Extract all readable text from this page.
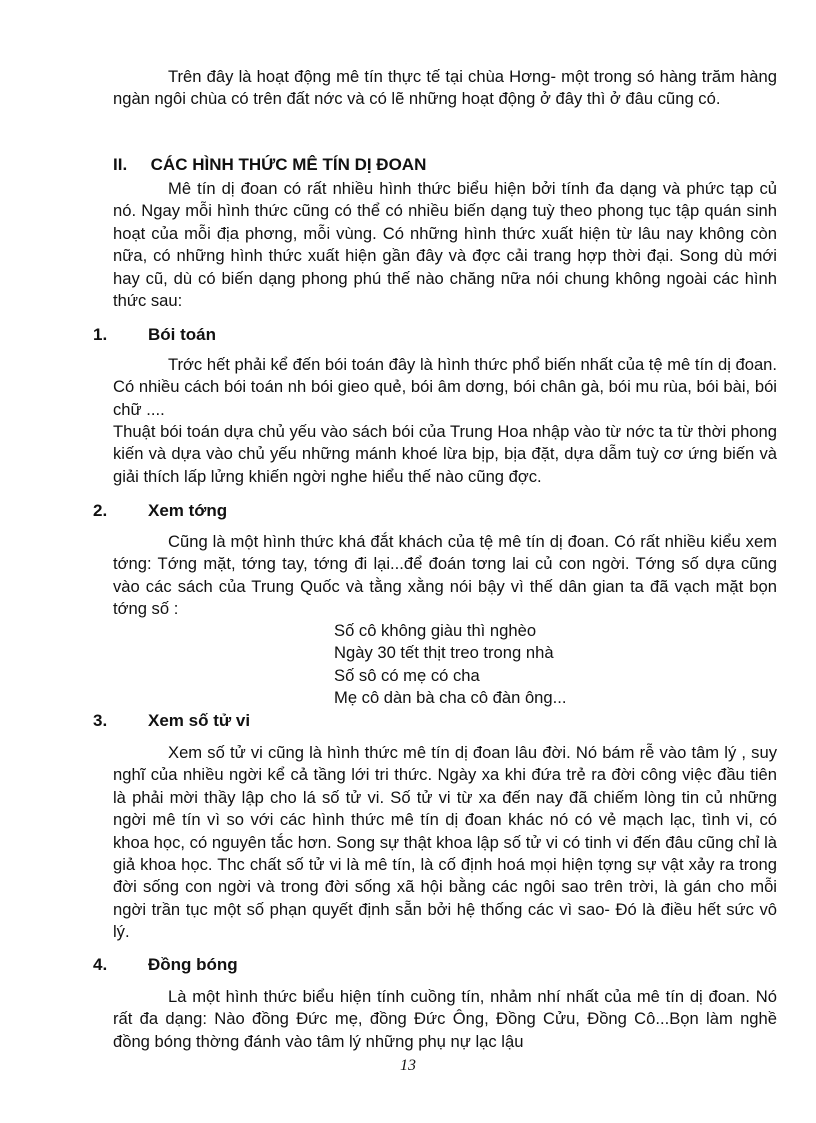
Trên đây là hoạt động mê tín thực tế tại chùa Hơng- một trong só hàng trăm hàng ngàn ngôi chùa có trên đất nớc và có lẽ những hoạt động ở đây thì ở đâu cũng có.

II. CÁC HÌNH THỨC MÊ TÍN DỊ ĐOAN

Mê tín dị đoan có rất nhiều hình thức biểu hiện bởi tính đa dạng và phức tạp củ nó. Ngay mỗi hình thức cũng có thể có nhiều biến dạng tuỳ theo phong tục tập quán sinh hoạt của mỗi địa phơng, mỗi vùng. Có những hình thức xuất hiện từ lâu nay không còn nữa, có những hình thức xuất hiện gần đây và đợc cải trang hợp thời đại. Song dù mới hay cũ, dù có biến dạng phong phú thế nào chăng nữa nói chung không ngoài các hình thức sau:

1. Bói toán

Trớc hết phải kể đến bói toán đây là hình thức phổ biến nhất của tệ mê tín dị đoan. Có nhiều cách bói toán nh bói gieo quẻ, bói âm dơng, bói chân gà, bói mu rùa, bói bài, bói chữ ....

Thuật bói toán dựa chủ yếu vào sách bói của Trung Hoa nhập vào từ nớc ta từ thời phong kiến và dựa vào chủ yếu những mánh khoé lừa bịp, bịa đặt, dựa dẫm tuỳ cơ ứng biến và giải thích lấp lửng khiến ngời nghe hiểu thế nào cũng đợc.

2. Xem tớng

Cũng là một hình thức khá đắt khách của tệ mê tín dị đoan. Có rất nhiều kiểu xem tớng: Tớng mặt, tớng tay, tớng đi lại...để đoán tơng lai củ con ngời. Tớng số dựa cũng vào các sách của Trung Quốc và tằng xằng nói bậy vì thế dân gian ta đã vạch mặt bọn tớng số :

Số cô không giàu thì nghèo
Ngày 30 tết thịt treo trong nhà
Số sô có mẹ có cha
Mẹ cô dàn bà cha cô đàn ông...
3. Xem số tử vi

Xem số tử vi cũng là hình thức mê tín dị đoan lâu đời. Nó bám rễ vào tâm lý , suy nghĩ của nhiều ngời kể cả tầng lới tri thức. Ngày xa khi đứa trẻ ra đời công việc đầu tiên là phải mời thầy lập cho lá số tử vi. Số tử vi từ xa đến nay đã chiếm lòng tin củ những ngời mê tín vì so với các hình thức mê tín dị đoan khác nó có vẻ mạch lạc, tình vi, có khoa học, có nguyên tắc hơn. Song sự thật khoa lập số tử vi có tinh vi đến đâu cũng chỉ là giả khoa học. Thc chất số tử vi là mê tín, là cố định hoá mọi hiện tợng sự vật xảy ra trong đời sống con ngời và trong đời sống xã hội bằng các ngôi sao trên trời, là gán cho mỗi ngời trần tục một số phạn quyết định sẵn bởi hệ thống các vì sao- Đó là điều hết sức vô lý.

4. Đồng bóng

Là một hình thức biểu hiện tính cuồng tín, nhảm nhí nhất của mê tín dị đoan. Nó rất đa dạng: Nào đồng Đức mẹ, đồng Đức Ông, Đồng Cửu, Đồng Cô...Bọn làm nghề đồng bóng thờng đánh vào tâm lý những phụ nự lạc lậu

13
